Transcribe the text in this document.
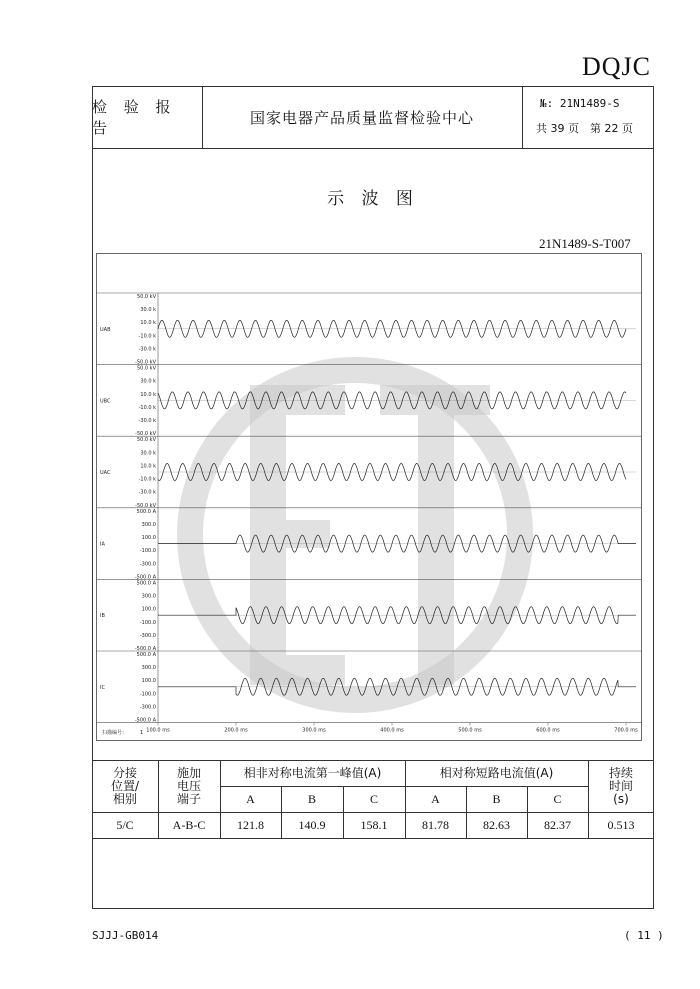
DQJC
检 验 报 告
国家电器产品质量监督检验中心
№: 21N1489-S
共 39 页　第 22 页
示 波 图
21N1489-S-T007
UAB
50.0 kV
30.0 k
10.0 k
-10.0 k
-30.0 k
-50.0 kV
UBC
50.0 kV
30.0 k
10.0 k
-10.0 k
-30.0 k
-50.0 kV
UAC
50.0 kV
30.0 k
10.0 k
-10.0 k
-30.0 k
-50.0 kV
IA
500.0 A
300.0
100.0
-100.0
-300.0
-500.0 A
IB
500.0 A
300.0
100.0
-100.0
-300.0
-500.0 A
IC
500.0 A
300.0
100.0
-100.0
-300.0
-500.0 A
100.0 ms	200.0 ms	300.0 ms	400.0 ms	500.0 ms	600.0 ms	700.0 ms
扫描编号：	1
分接
位置/
相别
施加
电压
端子
相非对称电流第一峰值(A)	相对称短路电流值(A)	持续
时间
(s)
A	B	C	A	B	C
5/C	A-B-C	121.8	140.9	158.1	81.78	82.63	82.37	0.513
SJJJ-GB014	( 11 )
